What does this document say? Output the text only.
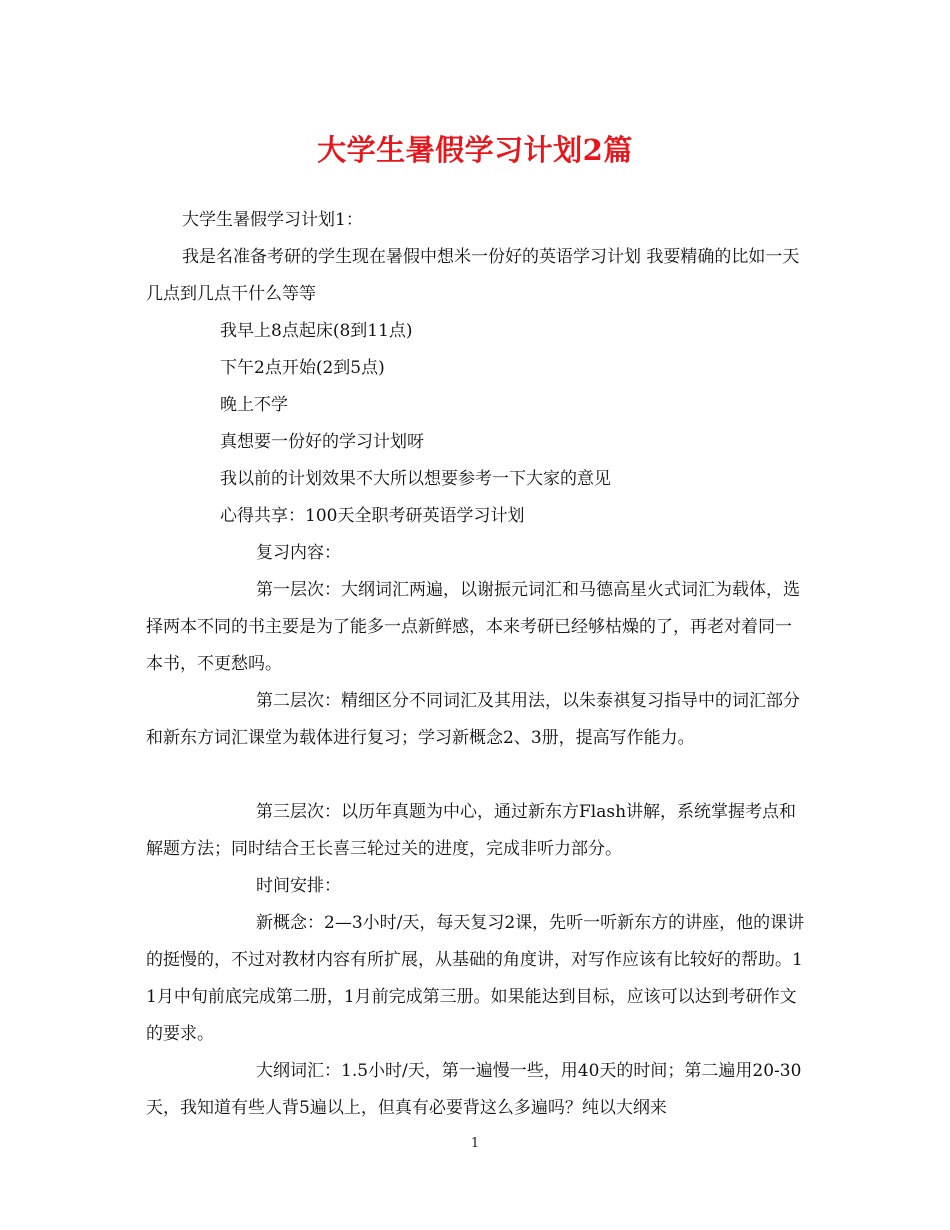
大学生暑假学习计划2篇

大学生暑假学习计划1：

我是名准备考研的学生现在暑假中想米一份好的英语学习计划 我要精确的比如一天几点到几点干什么等等

我早上8点起床(8到11点)

下午2点开始(2到5点)

晚上不学

真想要一份好的学习计划呀

我以前的计划效果不大所以想要参考一下大家的意见

心得共享：100天全职考研英语学习计划

复习内容：

第一层次：大纲词汇两遍，以谢振元词汇和马德高星火式词汇为载体，选择两本不同的书主要是为了能多一点新鲜感，本来考研已经够枯燥的了，再老对着同一本书，不更愁吗。

第二层次：精细区分不同词汇及其用法，以朱泰祺复习指导中的词汇部分和新东方词汇课堂为载体进行复习；学习新概念2、3册，提高写作能力。

第三层次：以历年真题为中心，通过新东方Flash讲解，系统掌握考点和解题方法；同时结合王长喜三轮过关的进度，完成非听力部分。

时间安排：

新概念：2—3小时/天，每天复习2课，先听一听新东方的讲座，他的课讲的挺慢的，不过对教材内容有所扩展，从基础的角度讲，对写作应该有比较好的帮助。11月中旬前底完成第二册，1月前完成第三册。如果能达到目标，应该可以达到考研作文的要求。

大纲词汇：1.5小时/天，第一遍慢一些，用40天的时间；第二遍用20-30天，我知道有些人背5遍以上，但真有必要背这么多遍吗？纯以大纲来

1
